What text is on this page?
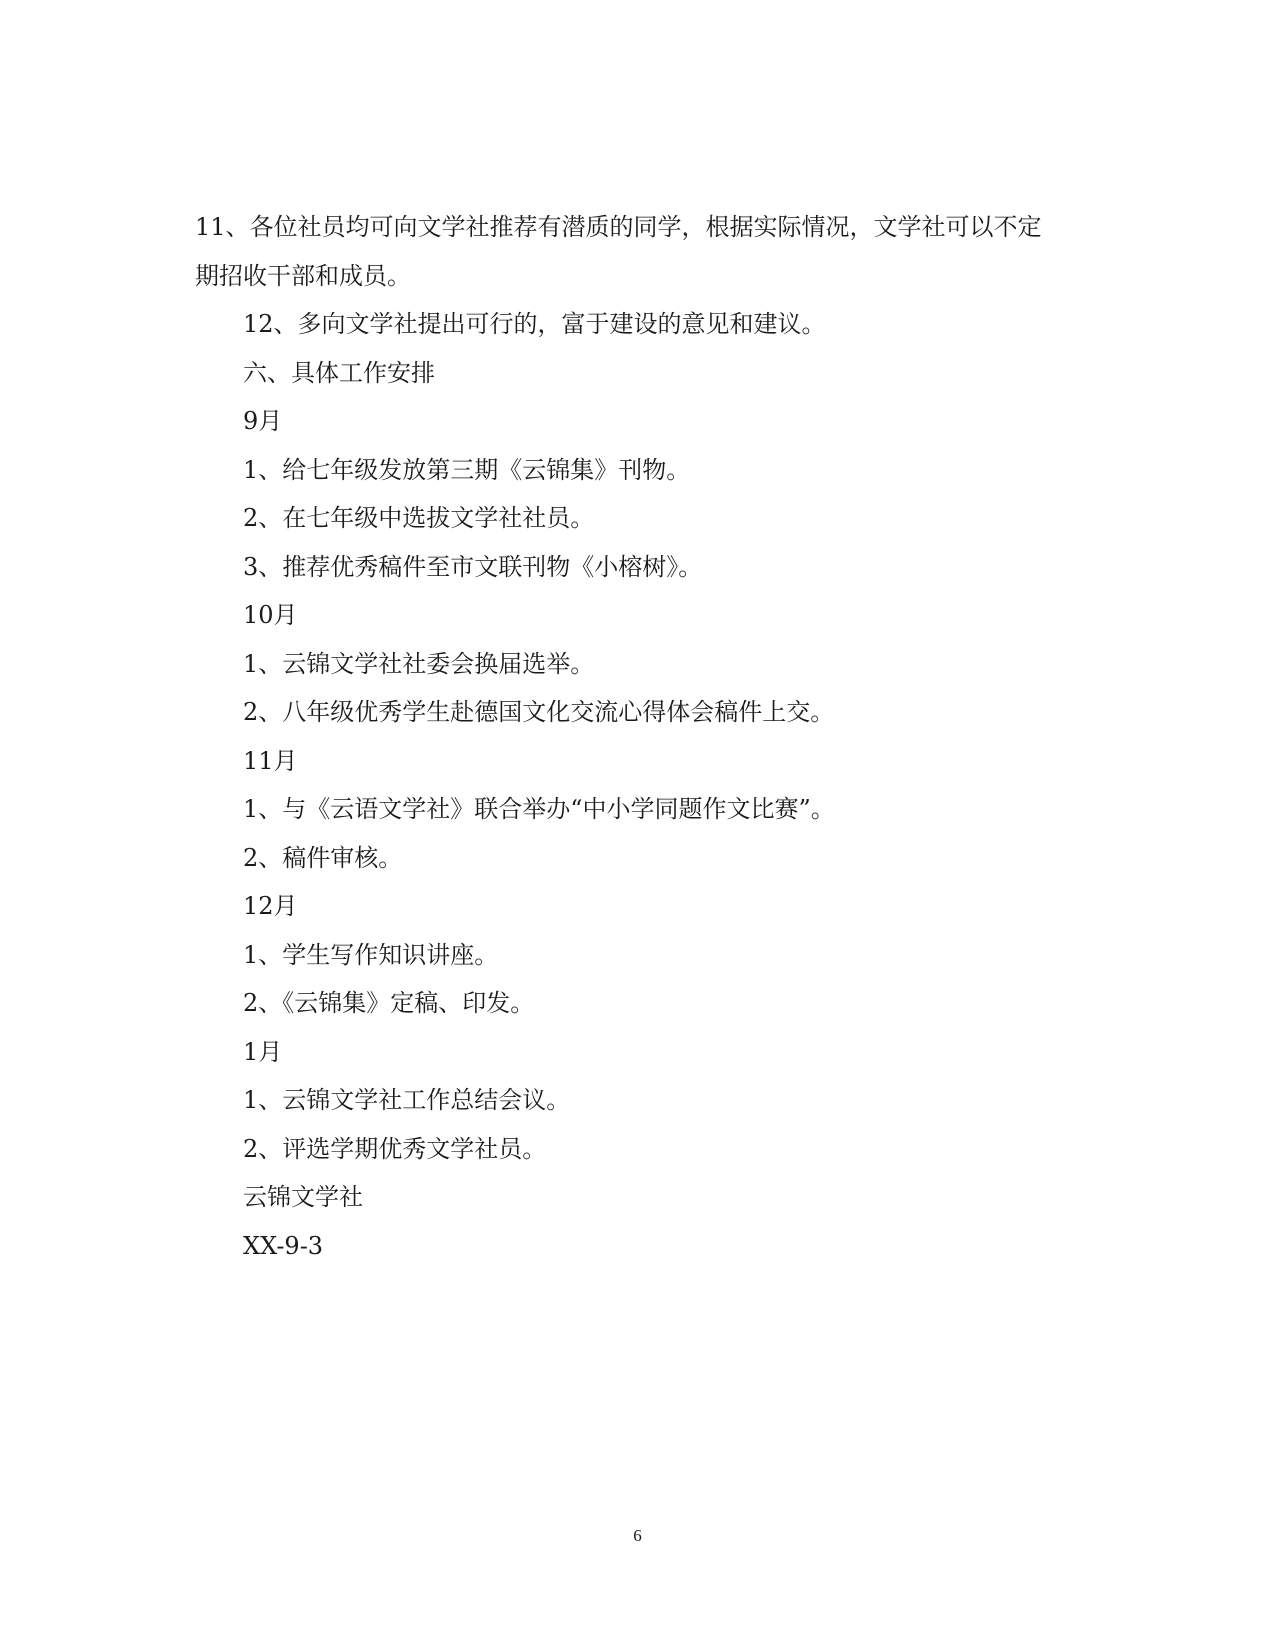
11、各位社员均可向文学社推荐有潜质的同学，根据实际情况，文学社可以不定
期招收干部和成员。
12、多向文学社提出可行的，富于建设的意见和建议。
六、具体工作安排
9月
1、给七年级发放第三期《云锦集》刊物。
2、在七年级中选拔文学社社员。
3、推荐优秀稿件至市文联刊物《小榕树》。
10月
1、云锦文学社社委会换届选举。
2、八年级优秀学生赴德国文化交流心得体会稿件上交。
11月
1、与《云语文学社》联合举办“中小学同题作文比赛”。
2、稿件审核。
12月
1、学生写作知识讲座。
2、《云锦集》定稿、印发。
1月
1、云锦文学社工作总结会议。
2、评选学期优秀文学社员。
云锦文学社
XX-9-3
6
